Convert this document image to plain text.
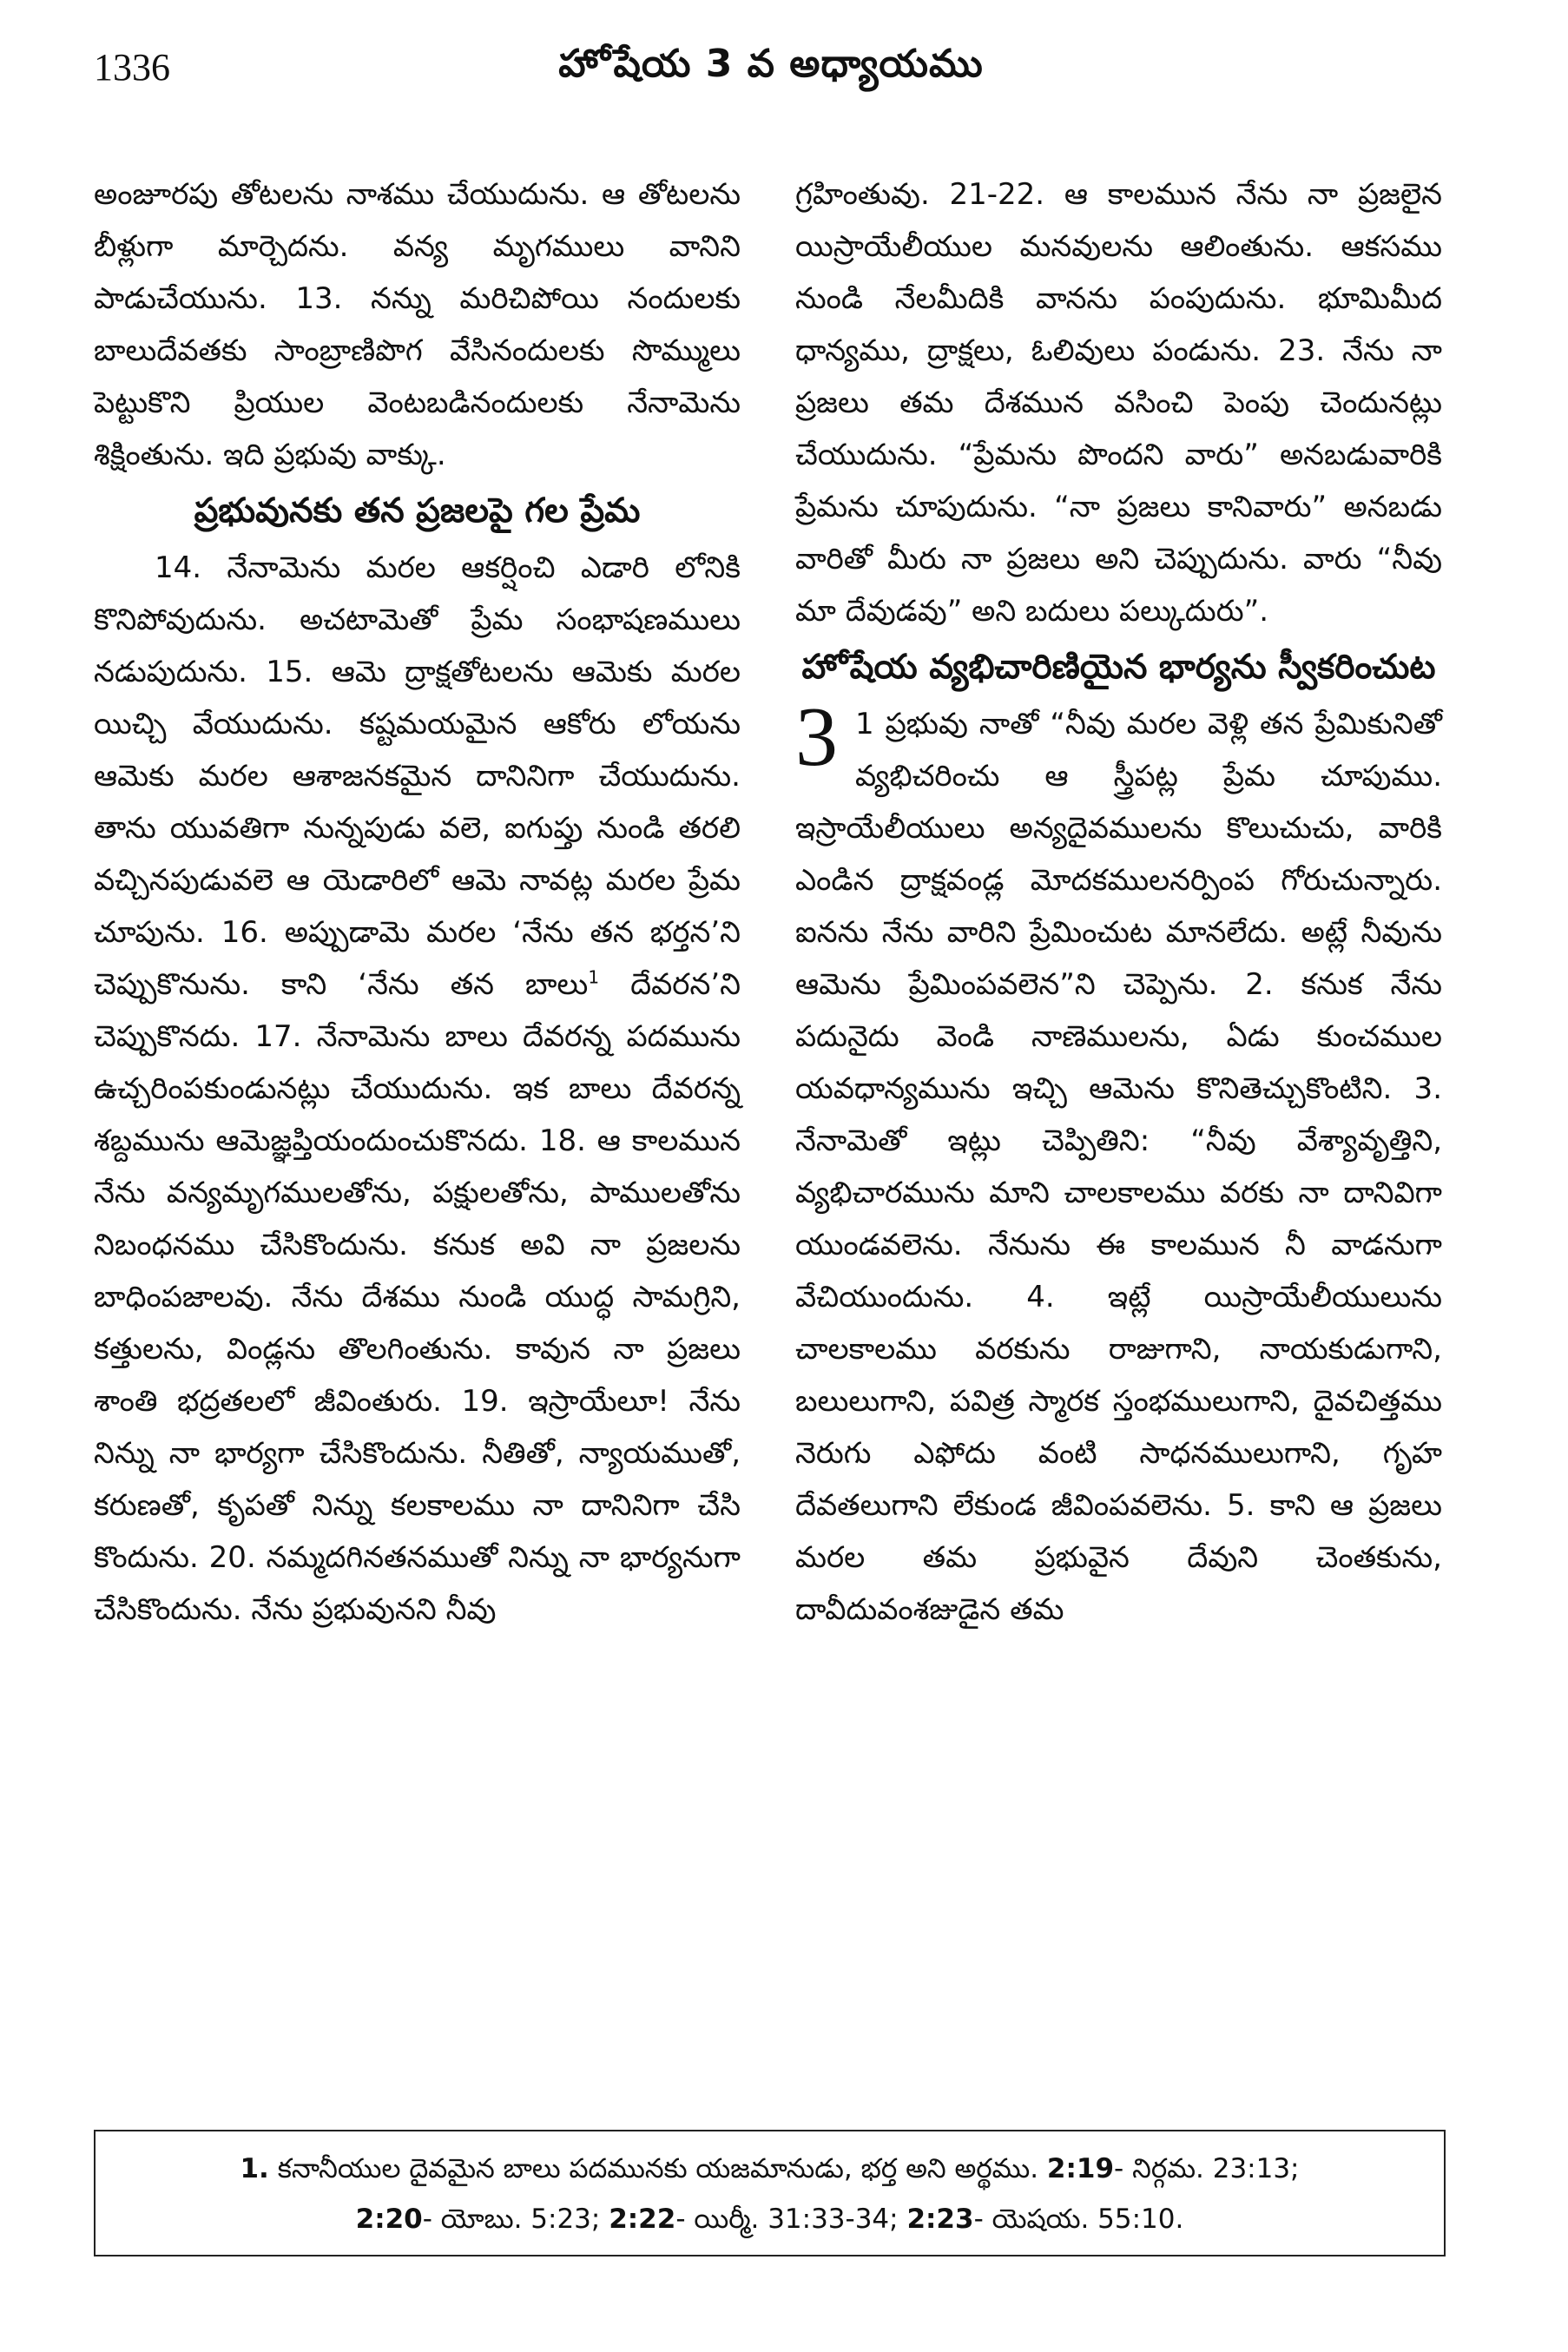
1336	హోషేయ 3 వ అధ్యాయము

అంజూరపు తోటలను నాశము చేయుదును. ఆ తోటలను బీళ్లుగా మార్చెదను. వన్య మృగములు వానిని పాడుచేయును. 13. నన్ను మరిచిపోయి నందులకు బాలుదేవతకు సాంబ్రాణిపొగ వేసినందులకు సొమ్ములు పెట్టుకొని ప్రియుల వెంటబడినందులకు నేనామెను శిక్షింతును. ఇది ప్రభువు వాక్కు.

ప్రభువునకు తన ప్రజలపై గల ప్రేమ

14. నేనామెను మరల ఆకర్షించి ఎడారి లోనికి కొనిపోవుదును. అచటామెతో ప్రేమ సంభాషణములు నడుపుదును. 15. ఆమె ద్రాక్షతోటలను ఆమెకు మరల యిచ్చి వేయుదును. కష్టమయమైన ఆకోరు లోయను ఆమెకు మరల ఆశాజనకమైన దానినిగా చేయుదును. తాను యువతిగా నున్నపుడు వలె, ఐగుప్తు నుండి తరలి వచ్చినపుడువలె ఆ యెడారిలో ఆమె నావట్ల మరల ప్రేమ చూపును. 16. అప్పుడామె మరల ‘నేను తన భర్తన’ని చెప్పుకొనును. కాని ‘నేను తన బాలు$^1$ దేవరన’ని చెప్పుకొనదు. 17. నేనామెను బాలు దేవరన్న పదమును ఉచ్చరింపకుండునట్లు చేయుదును. ఇక బాలు దేవరన్న శబ్దమును ఆమెజ్ఞప్తియందుంచుకొనదు. 18. ఆ కాలమున నేను వన్యమృగములతోను, పక్షులతోను, పాములతోను నిబంధనము చేసికొందును. కనుక అవి నా ప్రజలను బాధింపజాలవు. నేను దేశము నుండి యుద్ధ సామగ్రిని, కత్తులను, విండ్లను తొలగింతును. కావున నా ప్రజలు శాంతి భద్రతలలో జీవింతురు. 19. ఇస్రాయేలూ! నేను నిన్ను నా భార్యగా చేసికొందును. నీతితో, న్యాయముతో, కరుణతో, కృపతో నిన్ను కలకాలము నా దానినిగా చేసి కొందును. 20. నమ్మదగినతనముతో నిన్ను నా భార్యనుగా చేసికొందును. నేను ప్రభువునని నీవు

గ్రహింతువు. 21-22. ఆ కాలమున నేను నా ప్రజలైన యిస్రాయేలీయుల మనవులను ఆలింతును. ఆకసము నుండి నేలమీదికి వానను పంపుదును. భూమిమీద ధాన్యము, ద్రాక్షలు, ఓలివులు పండును. 23. నేను నా ప్రజలు తమ దేశమున వసించి పెంపు చెందునట్లు చేయుదును. “ప్రేమను పొందని వారు” అనబడువారికి ప్రేమను చూపుదును. “నా ప్రజలు కానివారు” అనబడు వారితో మీరు నా ప్రజలు అని చెప్పుదును. వారు “నీవు మా దేవుడవు” అని బదులు పల్కుదురు”.

హోషేయ వ్యభిచారిణియైన భార్యను స్వీకరించుట

3 1 ప్రభువు నాతో “నీవు మరల వెళ్లి తన ప్రేమికునితో వ్యభిచరించు ఆ స్త్రీపట్ల ప్రేమ చూపుము. ఇస్రాయేలీయులు అన్యదైవములను కొలుచుచు, వారికి ఎండిన ద్రాక్షవండ్ల మోదకములనర్పింప గోరుచున్నారు. ఐనను నేను వారిని ప్రేమించుట మానలేదు. అట్లే నీవును ఆమెను ప్రేమింపవలెన”ని చెప్పెను. 2. కనుక నేను పదునైదు వెండి నాణెములను, ఏడు కుంచముల యవధాన్యమును ఇచ్చి ఆమెను కొనితెచ్చుకొంటిని. 3. నేనామెతో ఇట్లు చెప్పితిని: “నీవు వేశ్యావృత్తిని, వ్యభిచారమును మాని చాలకాలము వరకు నా దానివిగా యుండవలెను. నేనును ఈ కాలమున నీ వాడనుగా వేచియుందును. 4. ఇట్లే యిస్రాయేలీయులును చాలకాలము వరకును రాజుగాని, నాయకుడుగాని, బలులుగాని, పవిత్ర స్మారక స్తంభములుగాని, దైవచిత్తము నెరుగు ఎఫోదు వంటి సాధనములుగాని, గృహ దేవతలుగాని లేకుండ జీవింపవలెను. 5. కాని ఆ ప్రజలు మరల తమ ప్రభువైన దేవుని చెంతకును, దావీదువంశజుడైన తమ

1. కనానీయుల దైవమైన బాలు పదమునకు యజమానుడు, భర్త అని అర్థము. 2:19- నిర్గమ. 23:13;
2:20- యోబు. 5:23; 2:22- యిర్మీ. 31:33-34; 2:23- యెషయ. 55:10.
